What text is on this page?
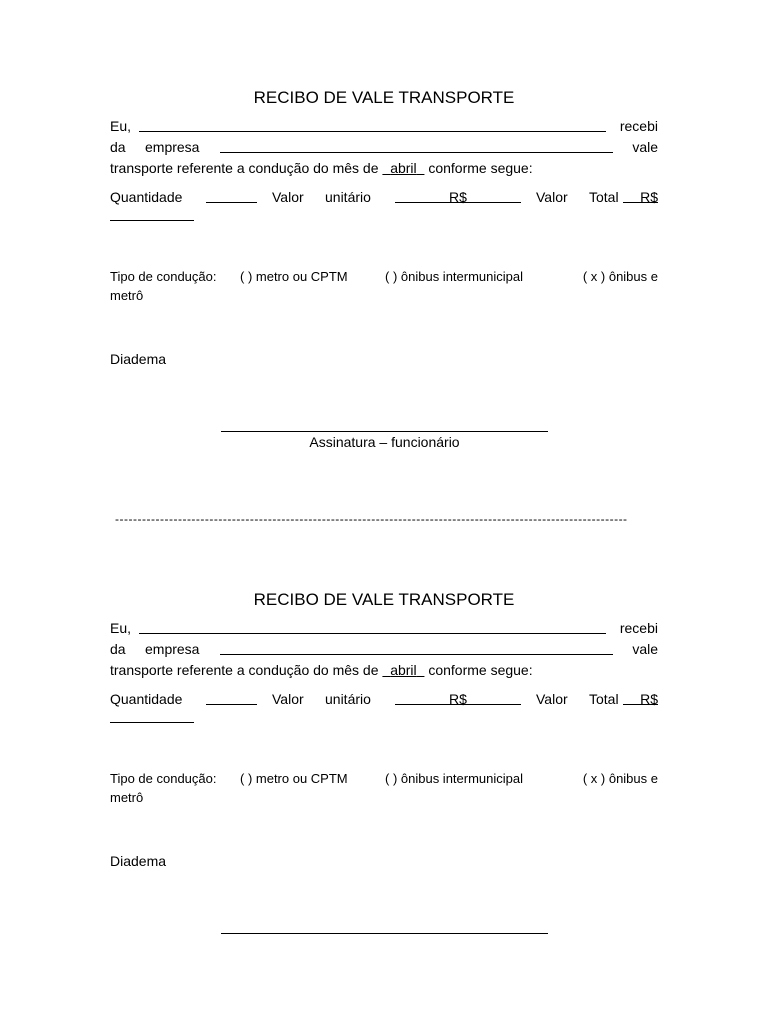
RECIBO DE VALE TRANSPORTE
Eu,	recebi
da empresa	vale
transporte referente a condução do mês de abril conforme segue:
Quantidade	Valor unitário	R$	Valor Total	R$
Tipo de condução: ( ) metro ou CPTM	( ) ônibus intermunicipal	( x ) ônibus e
metrô
Diadema
Assinatura – funcionário
------------------------------------------------------------------------------------------------------------------
RECIBO DE VALE TRANSPORTE
Eu,	recebi
da empresa	vale
transporte referente a condução do mês de abril conforme segue:
Quantidade	Valor unitário	R$	Valor Total	R$
Tipo de condução: ( ) metro ou CPTM	( ) ônibus intermunicipal	( x ) ônibus e
metrô
Diadema
